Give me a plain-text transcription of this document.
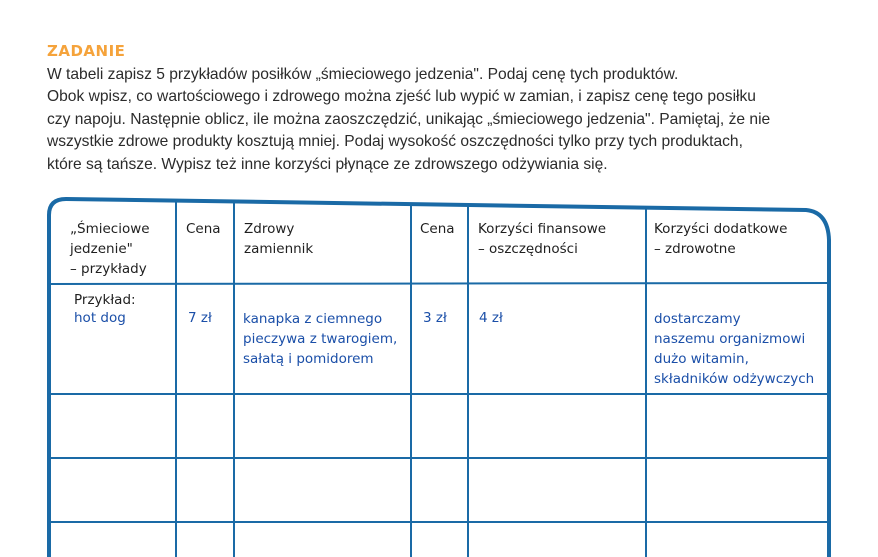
ZADANIE
W tabeli zapisz 5 przykładów posiłków „śmieciowego jedzenia". Podaj cenę tych produktów.
Obok wpisz, co wartościowego i zdrowego można zjeść lub wypić w zamian, i zapisz cenę tego posiłku
czy napoju. Następnie oblicz, ile można zaoszczędzić, unikając „śmieciowego jedzenia". Pamiętaj, że nie
wszystkie zdrowe produkty kosztują mniej. Podaj wysokość oszczędności tylko przy tych produktach,
które są tańsze. Wypisz też inne korzyści płynące ze zdrowszego odżywiania się.
„Śmieciowe
jedzenie"
– przykłady
Cena Zdrowy
zamiennik
Cena Korzyści finansowe
– oszczędności
Korzyści dodatkowe
– zdrowotne
Przykład:
hot dog	7 zł kanapka z ciemnego
pieczywa z twarogiem,
sałatą i pomidorem
3 zł 4 zł	dostarczamy
naszemu organizmowi
dużo witamin,
składników odżywczych
